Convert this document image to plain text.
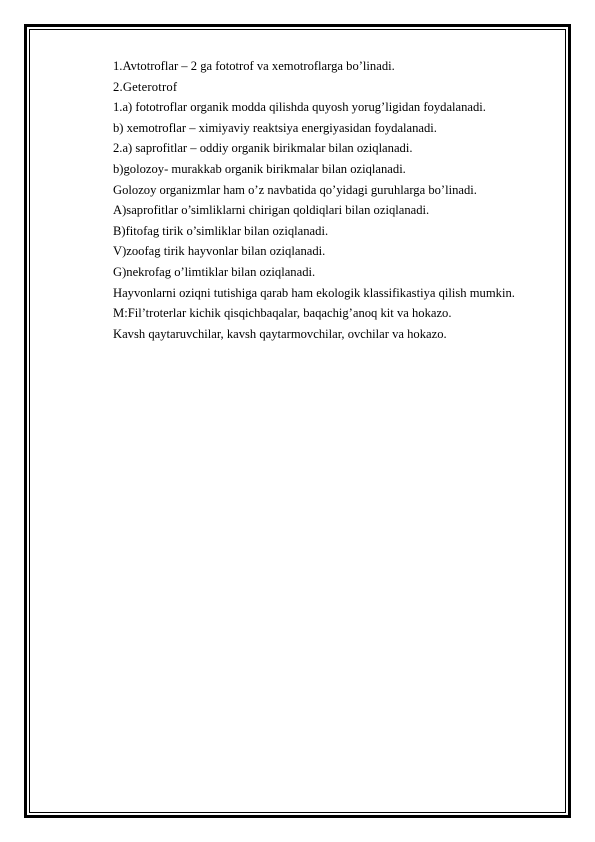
1.Avtotroflar – 2 ga fototrof va xemotroflarga bo’linadi.
2.Geterotrof
1.a) fototroflar organik modda qilishda quyosh yorug’ligidan foydalanadi.
b) xemotroflar – ximiyaviy reaktsiya energiyasidan foydalanadi.
2.a) saprofitlar – oddiy organik birikmalar bilan oziqlanadi.
b)golozoy- murakkab organik birikmalar bilan oziqlanadi.
Golozoy organizmlar ham o’z navbatida qo’yidagi guruhlarga bo’linadi.
A)saprofitlar o’simliklarni chirigan qoldiqlari bilan oziqlanadi.
B)fitofag tirik o’simliklar bilan oziqlanadi.
V)zoofag tirik hayvonlar bilan oziqlanadi.
G)nekrofag o’limtiklar bilan oziqlanadi.
Hayvonlarni oziqni tutishiga qarab ham ekologik klassifikastiya qilish mumkin.
M:Fil’troterlar kichik qisqichbaqalar, baqachig’anoq kit va hokazo.
Kavsh qaytaruvchilar, kavsh qaytarmovchilar, ovchilar va hokazo.
